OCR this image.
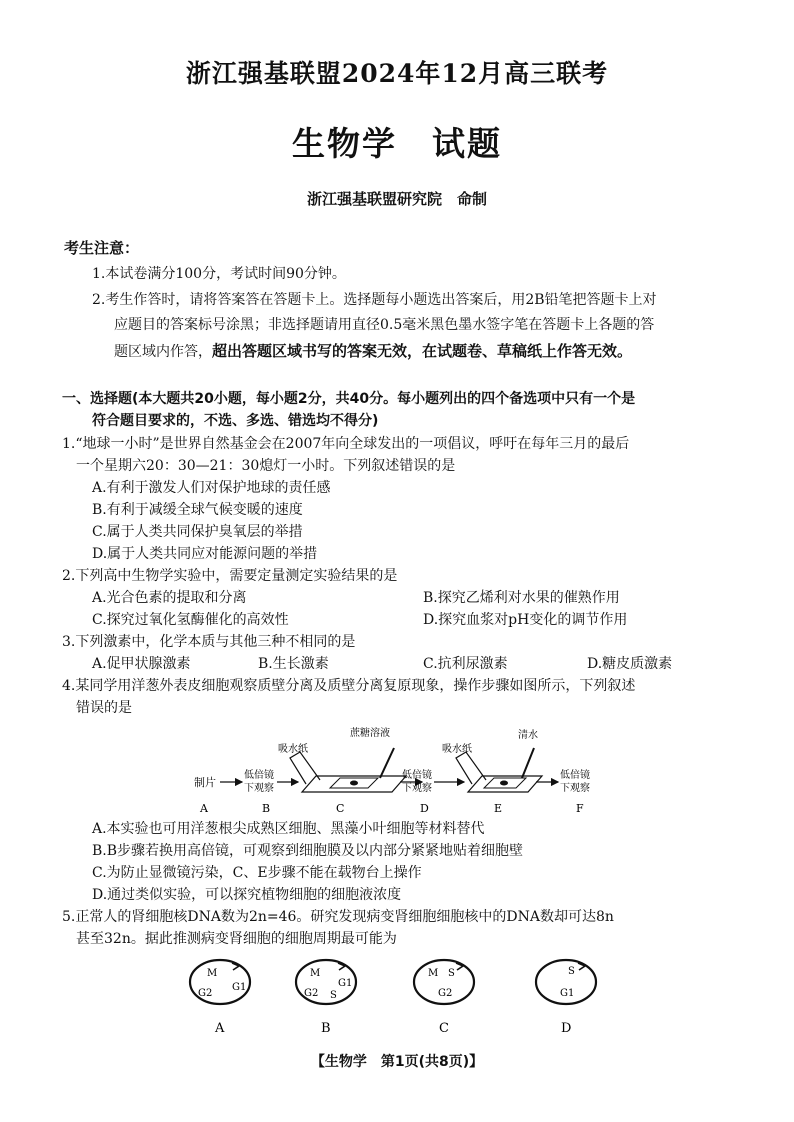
浙江强基联盟2024年12月高三联考
生物学　试题
浙江强基联盟研究院　命制
考生注意：
1.本试卷满分100分，考试时间90分钟。
2.考生作答时，请将答案答在答题卡上。选择题每小题选出答案后，用2B铅笔把答题卡上对
应题目的答案标号涂黑；非选择题请用直径0.5毫米黑色墨水签字笔在答题卡上各题的答
题区域内作答，超出答题区域书写的答案无效，在试题卷、草稿纸上作答无效。
一、选择题(本大题共20小题，每小题2分，共40分。每小题列出的四个备选项中只有一个是
符合题目要求的，不选、多选、错选均不得分)
1.“地球一小时”是世界自然基金会在2007年向全球发出的一项倡议，呼吁在每年三月的最后
一个星期六20：30—21：30熄灯一小时。下列叙述错误的是
A.有利于激发人们对保护地球的责任感
B.有利于减缓全球气候变暖的速度
C.属于人类共同保护臭氧层的举措
D.属于人类共同应对能源问题的举措
2.下列高中生物学实验中，需要定量测定实验结果的是
A.光合色素的提取和分离	B.探究乙烯利对水果的催熟作用
C.探究过氧化氢酶催化的高效性	D.探究血浆对pH变化的调节作用
3.下列激素中，化学本质与其他三种不相同的是
A.促甲状腺激素	B.生长激素	C.抗利尿激素	D.糖皮质激素
4.某同学用洋葱外表皮细胞观察质壁分离及质壁分离复原现象，操作步骤如图所示，下列叙述
错误的是
制片
低倍镜
下观察
吸水纸
蔗糖溶液
低倍镜
下观察
吸水纸
清水
低倍镜
下观察
A	B	C	D	E	F
A.本实验也可用洋葱根尖成熟区细胞、黑藻小叶细胞等材料替代
B.B步骤若换用高倍镜，可观察到细胞膜及以内部分紧紧地贴着细胞壁
C.为防止显微镜污染，C、E步骤不能在载物台上操作
D.通过类似实验，可以探究植物细胞的细胞液浓度
5.正常人的肾细胞核DNA数为2n=46。研究发现病变肾细胞细胞核中的DNA数却可达8n
甚至32n。据此推测病变肾细胞的细胞周期最可能为
M
G1
G2
A
M
G1
G2 S
B
M S
G2
C
S
G1
D
【生物学　第1页(共8页)】
